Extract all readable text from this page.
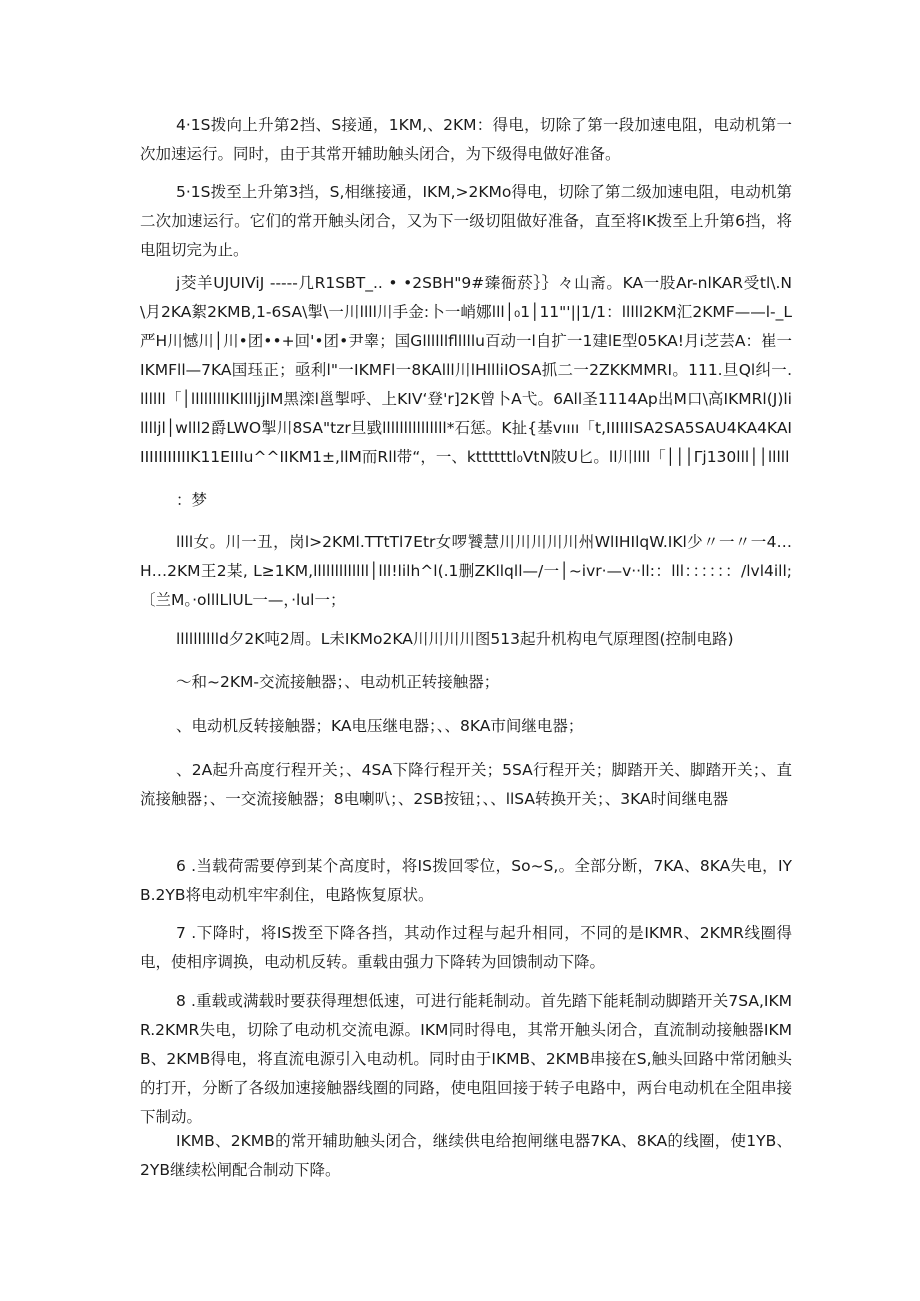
4·1S拨向上升第2挡、S接通，1KM,、2KM：得电，切除了第一段加速电阻，电动机第一次加速运行。同时，由于其常开辅助触头闭合，为下级得电做好准备。

5·1S拨至上升第3挡，S,相继接通，IKM,>2KMo得电，切除了第二级加速电阻，电动机第二次加速运行。它们的常开触头闭合，又为下一级切阻做好准备，直至将IK拨至上升第6挡，将电阻切完为止。

j茭羊UJUIViJ -----几R1SBT_.. • •2SBH"9#臻衙菸｝｝々山斋。KA一股Ar-nlKAR受tl\.N\月2KA絮2KMB,1-6SA\掣\一川llll川手金:卜一峭娜lll│₀1│11"'||1/1：lllll2KM汇2KMF——l-_L严H川憾川│川•团••+回'•团•尹睾；国Gllllllflllllu百动一l自扩一1建lE型05KA!月i芝芸A：崔一IKMFll—7KA国珏正；亟利l"一IKMFl一8KAlll川lHllliIOSA抓二一2ZKKMMRI。111.旦Ql纠一. llllll「│lllllllllKlllljjlM黑滦l邕掣呼、上KIV‘登'r]2K曾卜A弋。6All圣1114Ap出M口\高IKMRl(J)lilllljl│wlll2爵LWO掣川8SA"tzr旦戥lllllllllllllll*石惩。K扯{基vıııı「t,IIIIIISA2SA5SAU4KA4KAIIIIIIIIIIIIK11EIIIu^^IIKM1±,llM而Rll带“，一、kttttttl₀VtN陂U匕。ll川llll「│││Γj130lll││lllll

：梦

llll女。川一丑，岗l>2KMl.TTtTl7Etr女啰饕慧川川川川川州WlIHIlqW.IKl少〃一〃一4…H…2KM王2某, L≥1KM,lllllllllllll│lll!lilh^l(.1删ZKllqll—/一│~ivr·—v··ll:：lll：：：：：：/lvl4ill;〔兰M。·olllLlUL一—，·lul一；

lllllllllld夕2K吨2周。L未IKMo2KA川川川川图513起升机构电气原理图(控制电路)

～和~2KM-交流接触器；、电动机正转接触器；

、电动机反转接触器；KA电压继电器；、、8KA巿间继电器；

、2A起升高度行程开关；、4SA下降行程开关；5SA行程开关；脚踏开关、脚踏开关；、直流接触器；、一交流接触器；8电喇叭；、2SB按钮；、、llSA转换开关；、3KA时间继电器

6 .当载荷需要停到某个高度时，将IS拨回零位，So~S,。全部分断，7KA、8KA失电，IYB.2YB将电动机牢牢刹住，电路恢复原状。

7 .下降时，将IS拨至下降各挡，其动作过程与起升相同，不同的是IKMR、2KMR线圈得电，使相序调换，电动机反转。重载由强力下降转为回馈制动下降。

8 .重载或满载时要获得理想低速，可进行能耗制动。首先踏下能耗制动脚踏开关7SA,IKMR.2KMR失电，切除了电动机交流电源。IKM同时得电，其常开触头闭合，直流制动接触器IKMB、2KMB得电，将直流电源引入电动机。同时由于IKMB、2KMB串接在S,触头回路中常闭触头的打开，分断了各级加速接触器线圈的同路，使电阻回接于转子电路中，两台电动机在全阻串接下制动。

IKMB、2KMB的常开辅助触头闭合，继续供电给抱闸继电器7KA、8KA的线圈，使1YB、2YB继续松闸配合制动下降。
